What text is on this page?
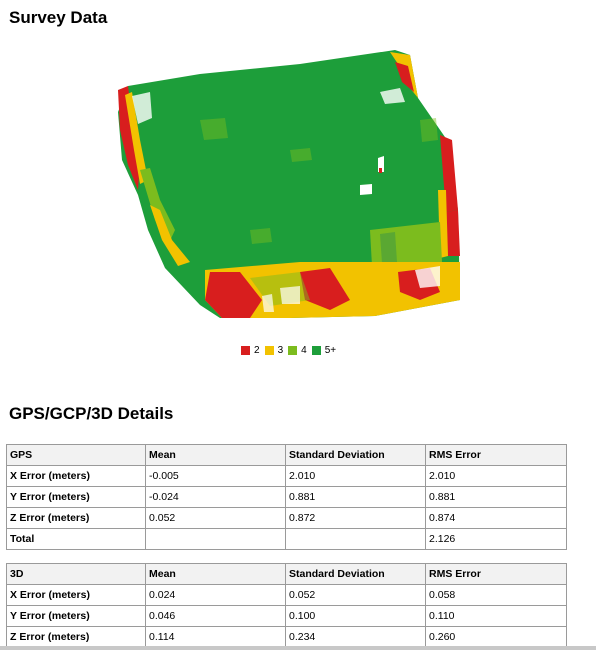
Survey Data
2 3 4 5+
GPS/GCP/3D Details
GPS	Mean	Standard Deviation	RMS Error
X Error (meters)	-0.005	2.010	2.010
Y Error (meters)	-0.024	0.881	0.881
Z Error (meters)	0.052	0.872	0.874
Total			2.126
3D	Mean	Standard Deviation	RMS Error
X Error (meters)	0.024	0.052	0.058
Y Error (meters)	0.046	0.100	0.110
Z Error (meters)	0.114	0.234	0.260
